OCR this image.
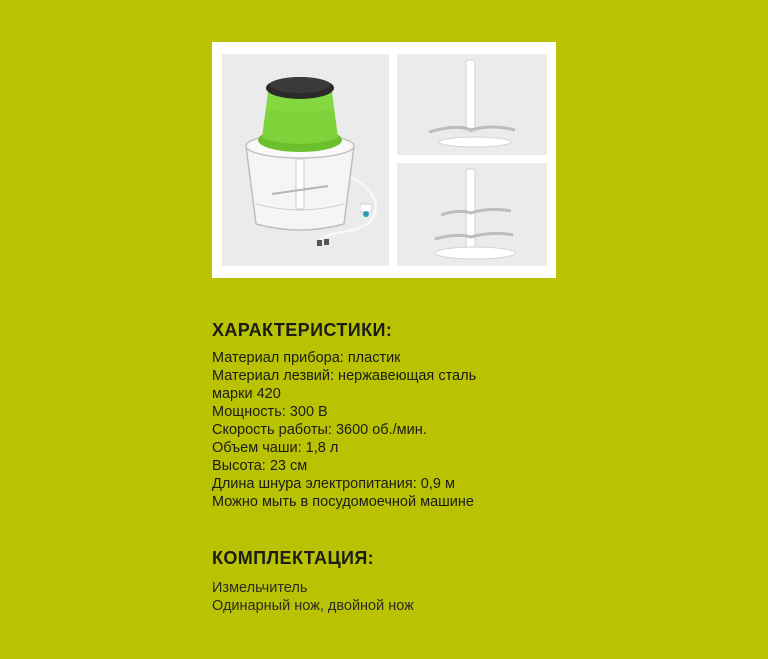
ХАРАКТЕРИСТИКИ:
Материал прибора: пластик
Материал лезвий: нержавеющая сталь
марки 420
Мощность: 300 В
Скорость работы: 3600 об./мин.
Объем чаши: 1,8 л
Высота: 23 см
Длина шнура электропитания: 0,9 м
Можно мыть в посудомоечной машине
КОМПЛЕКТАЦИЯ:
Измельчитель
Одинарный нож, двойной нож
